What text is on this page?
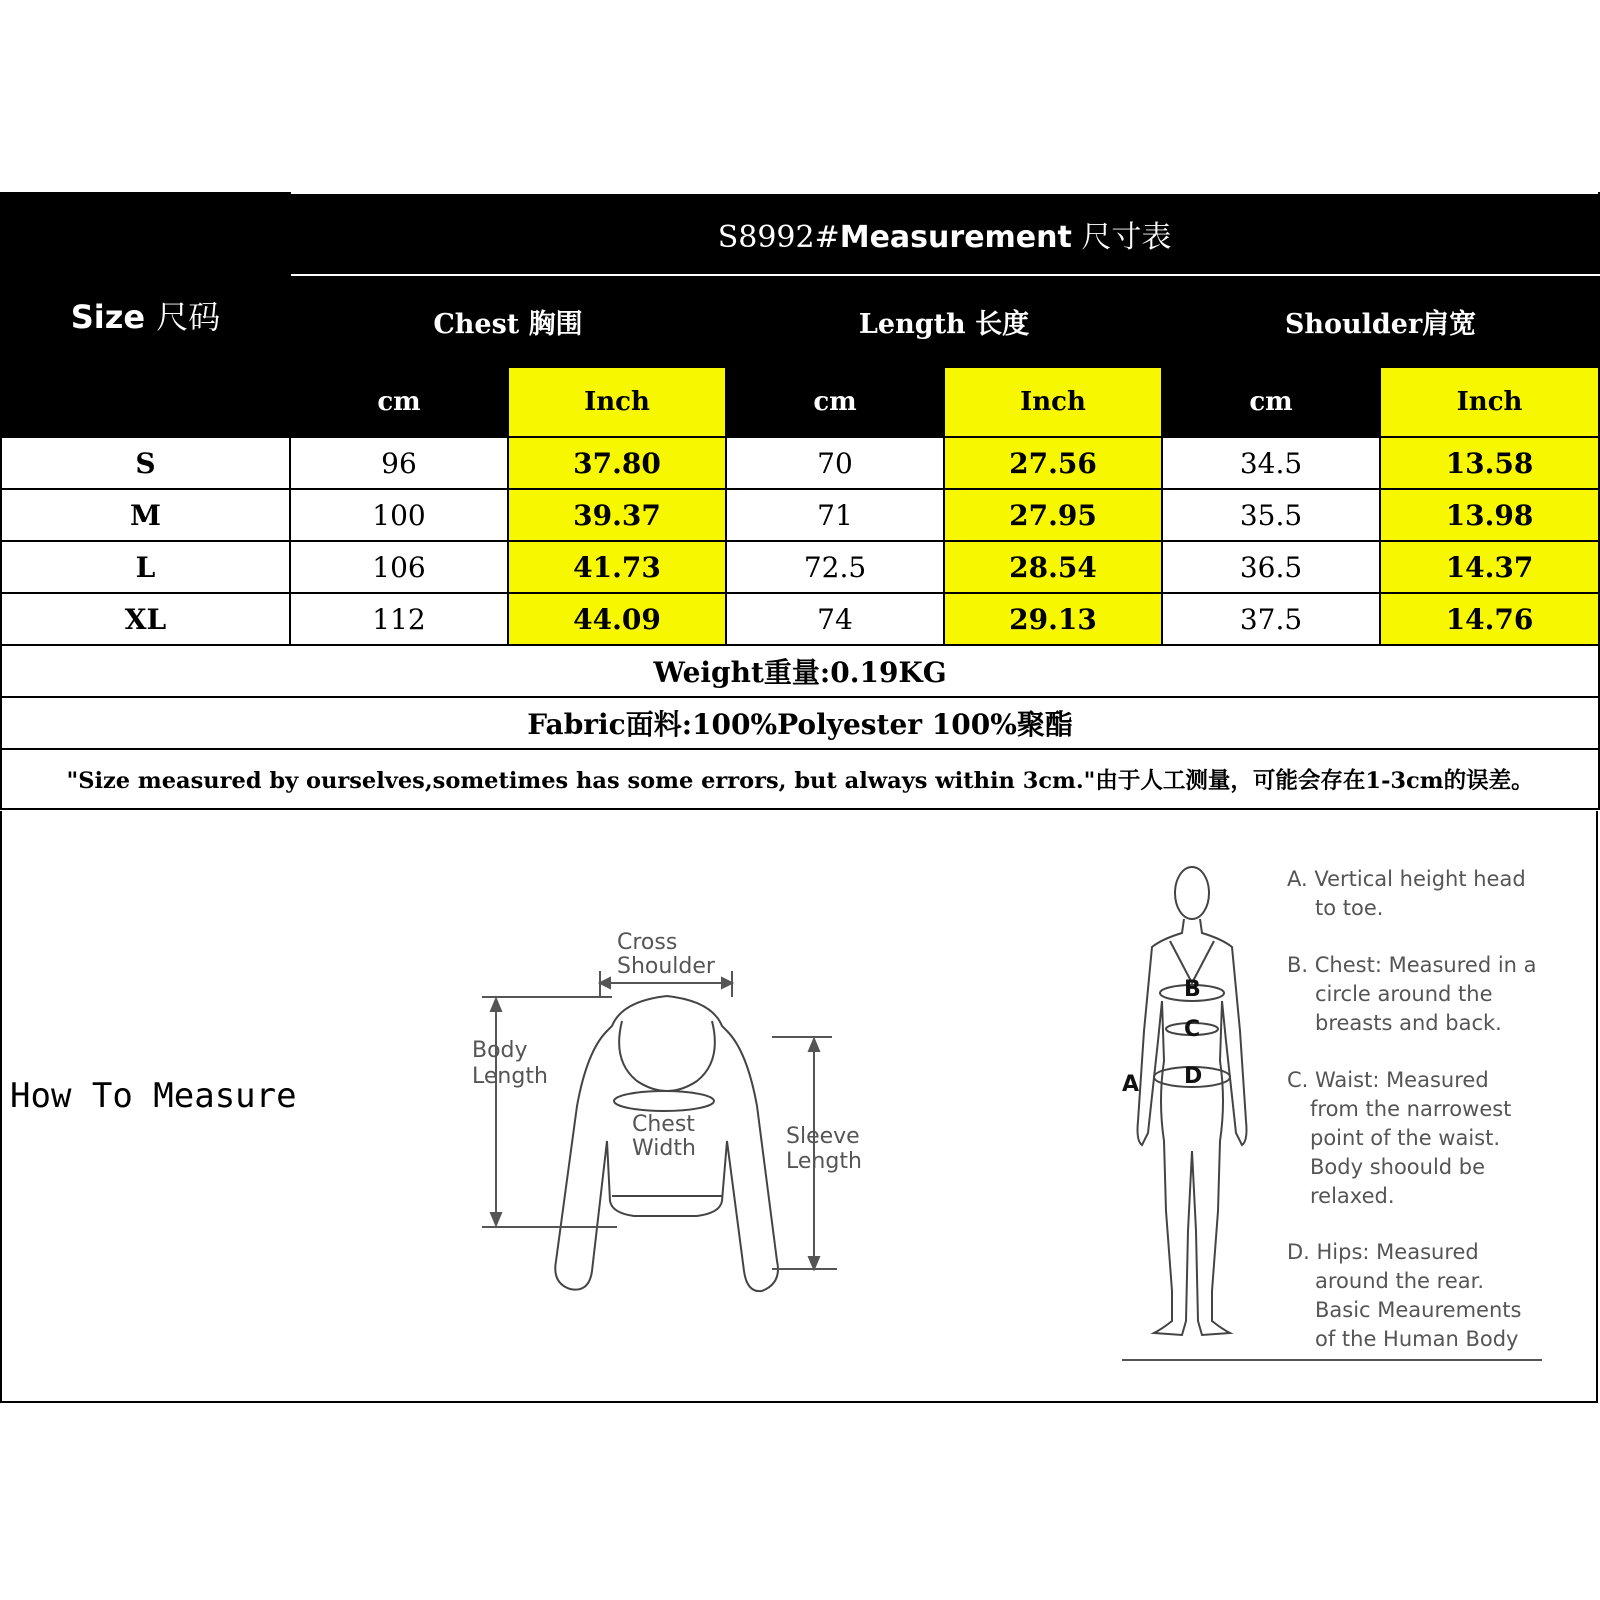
Size 尺码	S8992#Measurement 尺寸表					
	Chest 胸围		Length 长度		Shoulder肩宽	
	cm	Inch	cm	Inch	cm	Inch
S	96	37.80	70	27.56	34.5	13.58
M	100	39.37	71	27.95	35.5	13.98
L	106	41.73	72.5	28.54	36.5	14.37
XL	112	44.09	74	29.13	37.5	14.76
Weight重量:0.19KG						
Fabric面料:100%Polyester 100%聚酯						
"Size measured by ourselves,sometimes has some errors, but always within 3cm."由于人工测量，可能会存在1-3cm的误差。						
How To Measure
Cross
Shoulder
Body
Length
Chest
Width	Sleeve
Length
B
C
D
A
A. Vertical height head
to toe.
B. Chest: Measured in a
circle around the
breasts and back.
C. Waist: Measured
from the narrowest
point of the waist.
Body shoould be
relaxed.
D. Hips: Measured
around the rear.
Basic Meaurements
of the Human Body
